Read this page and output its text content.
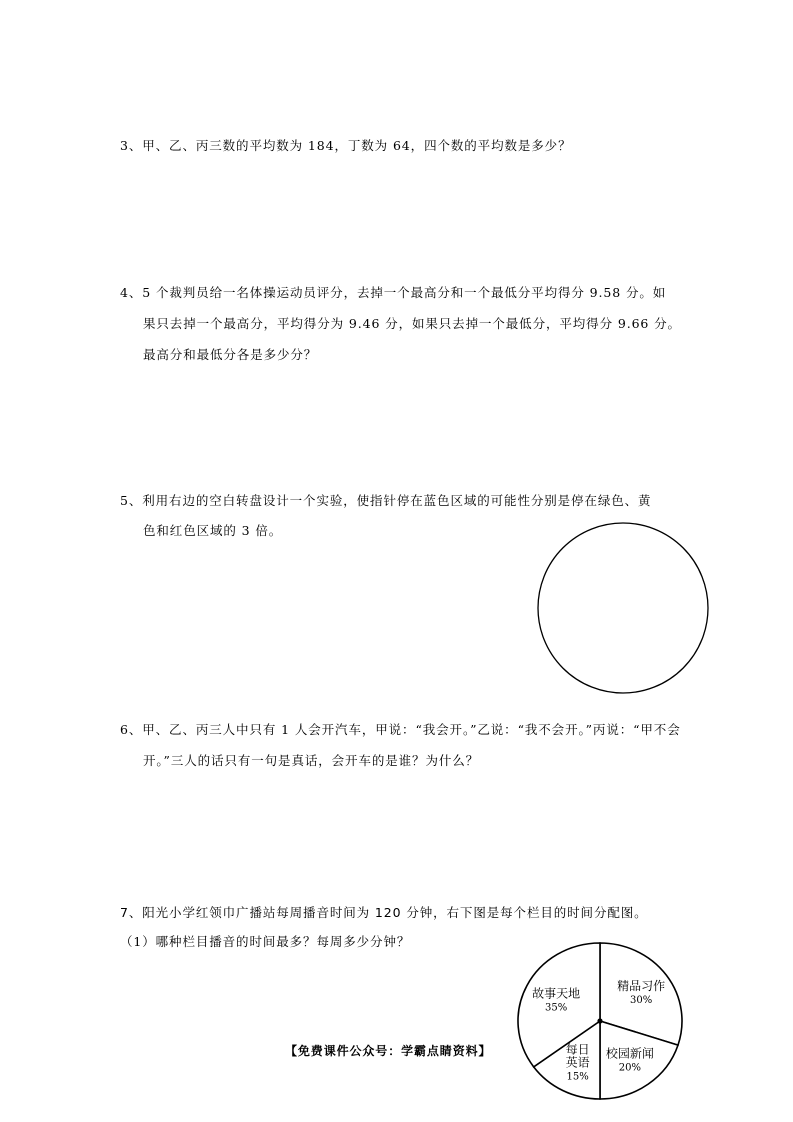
3、甲、乙、丙三数的平均数为 184，丁数为 64，四个数的平均数是多少？
4、5 个裁判员给一名体操运动员评分，去掉一个最高分和一个最低分平均得分 9.58 分。如
果只去掉一个最高分，平均得分为 9.46 分，如果只去掉一个最低分，平均得分 9.66 分。
最高分和最低分各是多少分？
5、利用右边的空白转盘设计一个实验，使指针停在蓝色区域的可能性分别是停在绿色、黄
色和红色区域的 3 倍。
6、甲、乙、丙三人中只有 1 人会开汽车，甲说：“我会开。”乙说：“我不会开。”丙说：“甲不会
开。”三人的话只有一句是真话，会开车的是谁？为什么？
7、阳光小学红领巾广播站每周播音时间为 120 分钟，右下图是每个栏目的时间分配图。
（1）哪种栏目播音的时间最多？每周多少分钟？
【免费课件公众号：学霸点睛资料】
精品习作
30%
校园新闻
20%
每日
英语
15%
故事天地
35%
